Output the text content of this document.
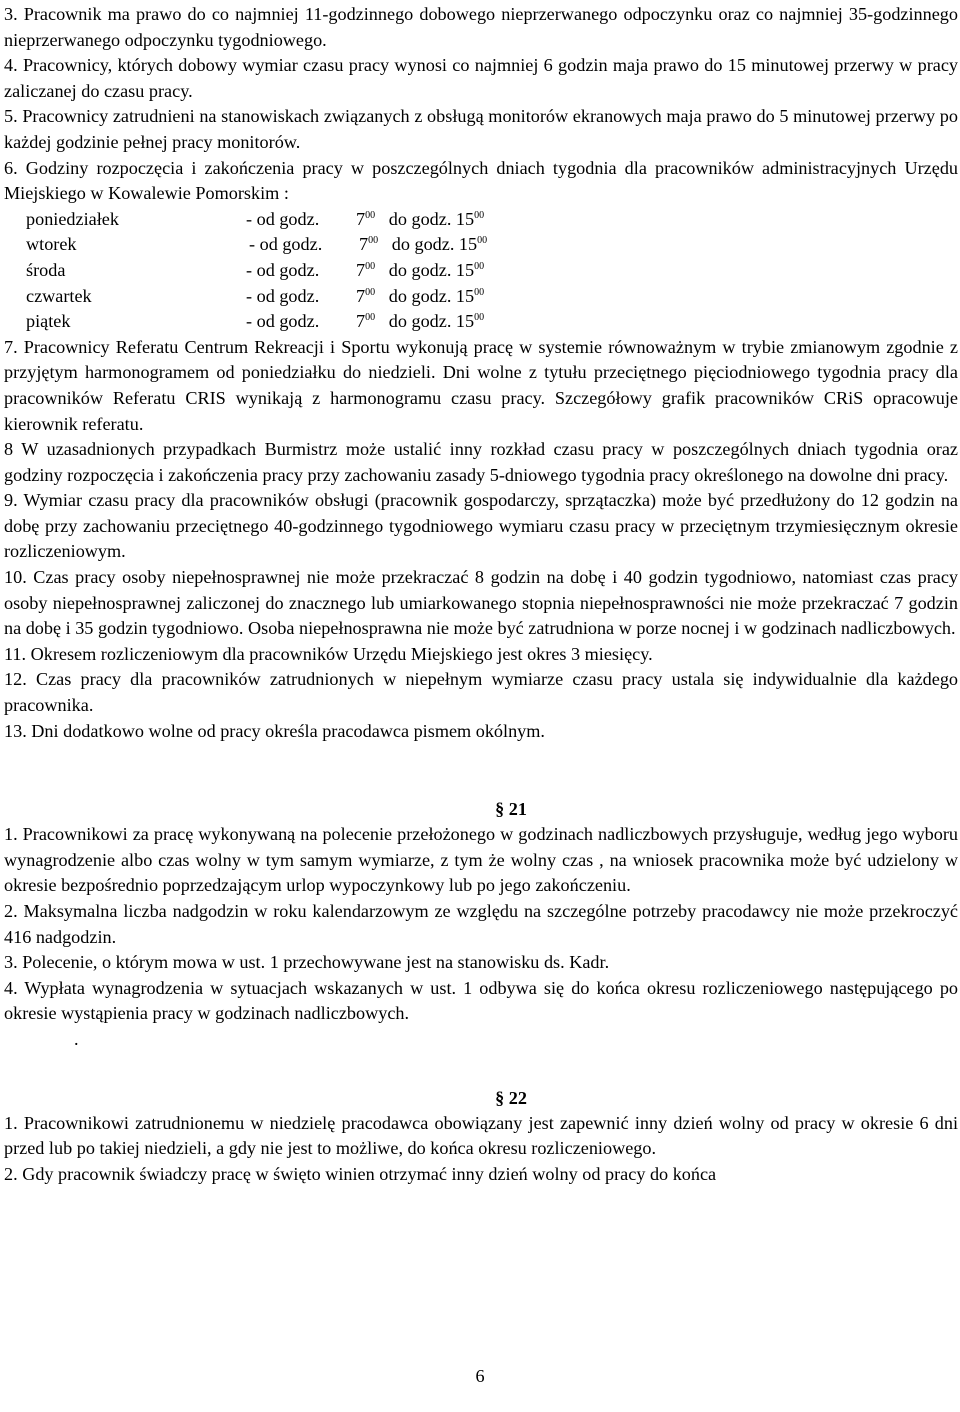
3. Pracownik ma prawo do co najmniej 11-godzinnego dobowego nieprzerwanego odpoczynku oraz co najmniej 35-godzinnego nieprzerwanego odpoczynku tygodniowego.

4. Pracownicy, których dobowy wymiar czasu pracy wynosi co najmniej 6 godzin maja prawo do 15 minutowej przerwy w pracy zaliczanej do czasu pracy.

5. Pracownicy zatrudnieni na stanowiskach związanych z obsługą monitorów ekranowych maja prawo do 5 minutowej przerwy po każdej godzinie pełnej pracy monitorów.

6. Godziny rozpoczęcia i zakończenia pracy w poszczególnych dniach tygodnia dla pracowników administracyjnych Urzędu Miejskiego w Kowalewie Pomorskim :

poniedziałek	- od godz.	$7^{00}$ do godz. $15^{00}$
wtorek	- od godz.	$7^{00}$ do godz. $15^{00}$
środa	- od godz.	$7^{00}$ do godz. $15^{00}$
czwartek	- od godz.	$7^{00}$ do godz. $15^{00}$
piątek	- od godz.	$7^{00}$ do godz. $15^{00}$

7. Pracownicy Referatu Centrum Rekreacji i Sportu wykonują pracę w systemie równoważnym w trybie zmianowym zgodnie z przyjętym harmonogramem od poniedziałku do niedzieli. Dni wolne z tytułu przeciętnego pięciodniowego tygodnia pracy dla pracowników Referatu CRIS wynikają z harmonogramu czasu pracy. Szczegółowy grafik pracowników CRiS opracowuje kierownik referatu.

8 W uzasadnionych przypadkach Burmistrz może ustalić inny rozkład czasu pracy w poszczególnych dniach tygodnia oraz godziny rozpoczęcia i zakończenia pracy przy zachowaniu zasady 5-dniowego tygodnia pracy określonego na dowolne dni pracy.

9. Wymiar czasu pracy dla pracowników obsługi (pracownik gospodarczy, sprzątaczka) może być przedłużony do 12 godzin na dobę przy zachowaniu przeciętnego 40-godzinnego tygodniowego wymiaru czasu pracy w przeciętnym trzymiesięcznym okresie rozliczeniowym.

10. Czas pracy osoby niepełnosprawnej nie może przekraczać 8 godzin na dobę i 40 godzin tygodniowo, natomiast czas pracy osoby niepełnosprawnej zaliczonej do znacznego lub umiarkowanego stopnia niepełnosprawności nie może przekraczać 7 godzin na dobę i 35 godzin tygodniowo. Osoba niepełnosprawna nie może być zatrudniona w porze nocnej i w godzinach nadliczbowych.

11. Okresem rozliczeniowym dla pracowników Urzędu Miejskiego jest okres 3 miesięcy.

12. Czas pracy dla pracowników zatrudnionych w niepełnym wymiarze czasu pracy ustala się indywidualnie dla każdego pracownika.

13. Dni dodatkowo wolne od pracy określa pracodawca pismem okólnym.

§ 21

1. Pracownikowi za pracę wykonywaną na polecenie przełożonego w godzinach nadliczbowych przysługuje, według jego wyboru wynagrodzenie albo czas wolny w tym samym wymiarze, z tym że wolny czas , na wniosek pracownika może być udzielony w okresie bezpośrednio poprzedzającym urlop wypoczynkowy lub po jego zakończeniu.

2. Maksymalna liczba nadgodzin w roku kalendarzowym ze względu na szczególne potrzeby pracodawcy nie może przekroczyć 416 nadgodzin.

3. Polecenie, o którym mowa w ust. 1 przechowywane jest na stanowisku ds. Kadr.

4. Wypłata wynagrodzenia w sytuacjach wskazanych w ust. 1 odbywa się do końca okresu rozliczeniowego następującego po okresie wystąpienia pracy w godzinach nadliczbowych.

.

§ 22

1. Pracownikowi zatrudnionemu w niedzielę pracodawca obowiązany jest zapewnić inny dzień wolny od pracy w okresie 6 dni przed lub po takiej niedzieli, a gdy nie jest to możliwe, do końca okresu rozliczeniowego.

2. Gdy pracownik świadczy pracę w święto winien otrzymać inny dzień wolny od pracy do końca

6
